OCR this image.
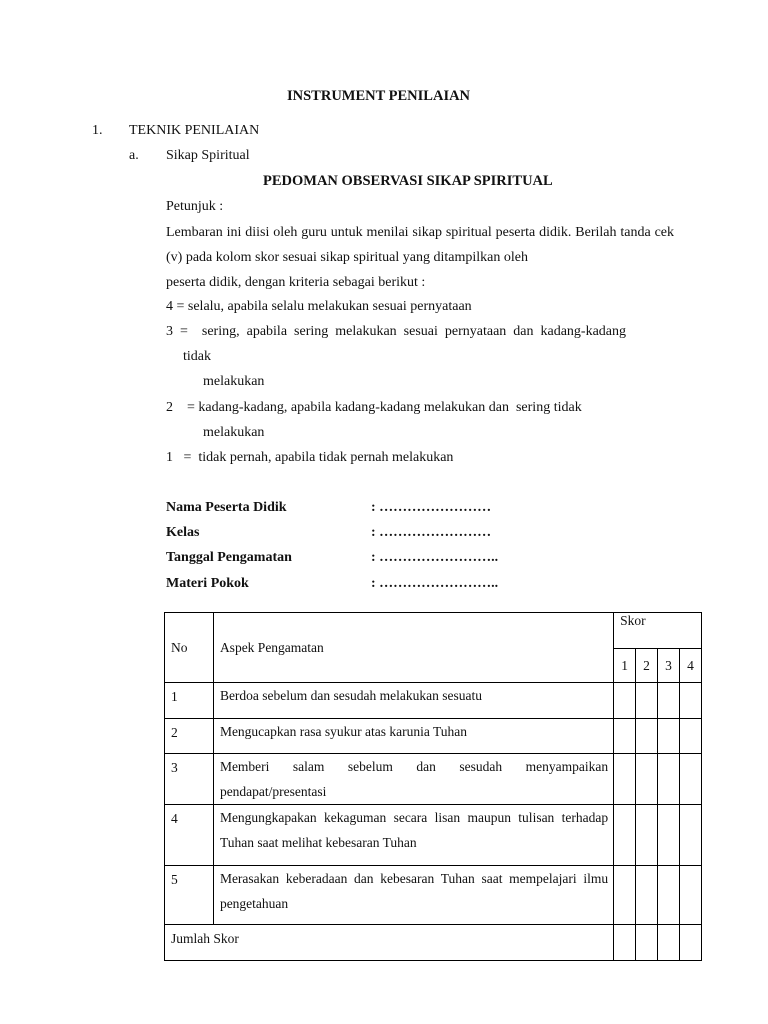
INSTRUMENT PENILAIAN
1. TEKNIK PENILAIAN
a. Sikap Spiritual
PEDOMAN OBSERVASI SIKAP SPIRITUAL
Petunjuk :
Lembaran ini diisi oleh guru untuk menilai sikap spiritual peserta didik. Berilah tanda cek (v) pada kolom skor sesuai sikap spiritual yang ditampilkan oleh
peserta didik, dengan kriteria sebagai berikut :
4 = selalu, apabila selalu melakukan sesuai pernyataan
3  =    sering,  apabila  sering  melakukan  sesuai  pernyataan  dan  kadang-kadang
tidak
melakukan
2    = kadang-kadang, apabila kadang-kadang melakukan dan  sering tidak
melakukan
1   =  tidak pernah, apabila tidak pernah melakukan
Nama Peserta Didik	: ……………………
Kelas	: ……………………
Tanggal Pengamatan	: ……………………..
Materi Pokok	: ……………………..
No	Aspek Pengamatan	Skor			
		1	2	3	4
1	Berdoa sebelum dan sesudah melakukan sesuatu				
2	Mengucapkan rasa syukur atas karunia Tuhan				
3	Memberi salam sebelum dan sesudah menyampaikan pendapat/presentasi				
4	Mengungkapakan kekaguman secara lisan maupun tulisan terhadap Tuhan saat melihat kebesaran Tuhan				
5	Merasakan keberadaan dan kebesaran Tuhan saat mempelajari ilmu pengetahuan				
Jumlah Skor					
